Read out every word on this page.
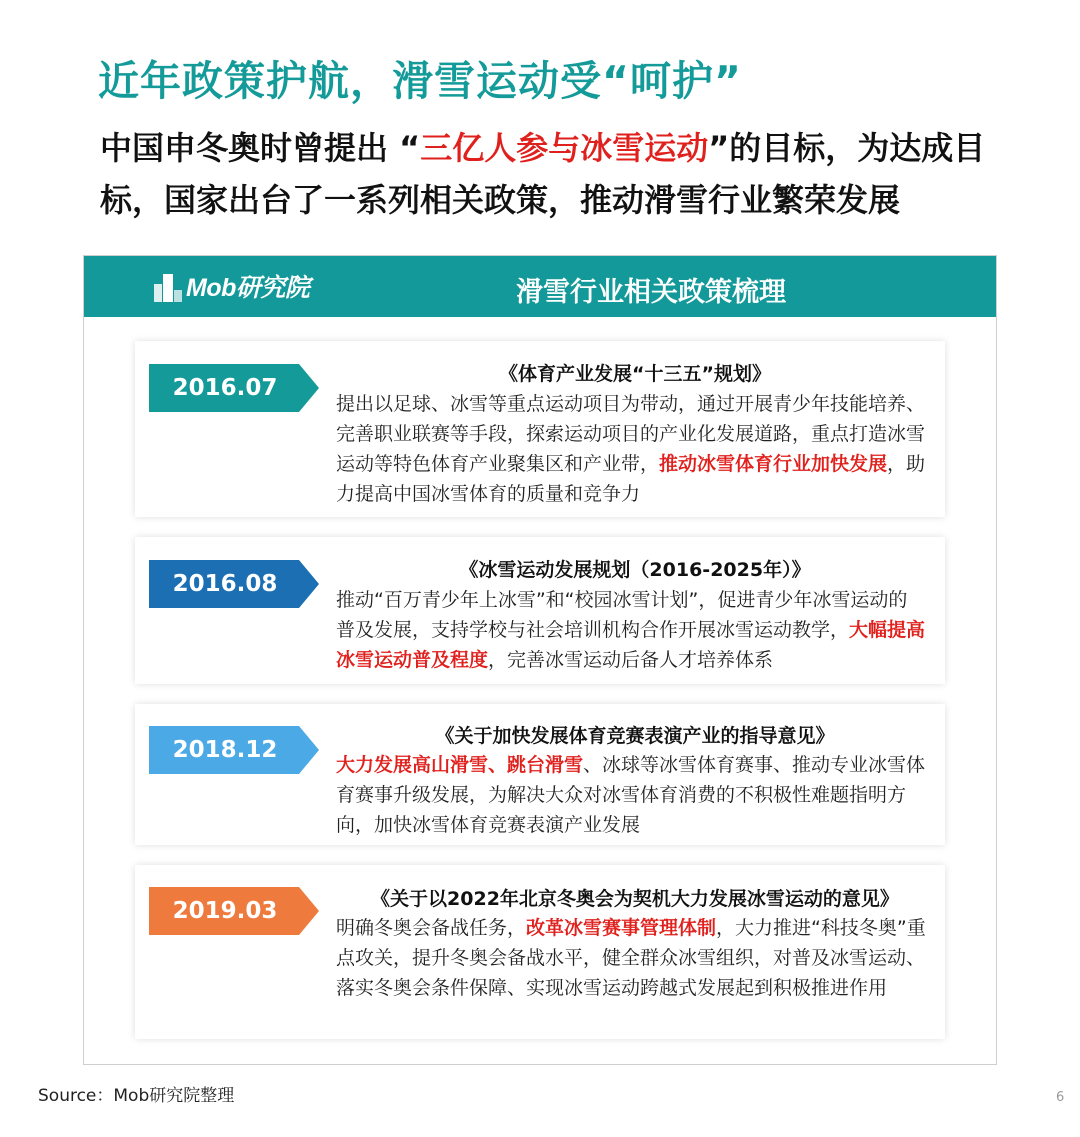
近年政策护航，滑雪运动受“呵护”
中国申冬奥时曾提出 “三亿人参与冰雪运动”的目标，为达成目标，国家出台了一系列相关政策，推动滑雪行业繁荣发展
Mob研究院	滑雪行业相关政策梳理
2016.07
《体育产业发展“十三五”规划》
提出以足球、冰雪等重点运动项目为带动，通过开展青少年技能培养、完善职业联赛等手段，探索运动项目的产业化发展道路，重点打造冰雪运动等特色体育产业聚集区和产业带，推动冰雪体育行业加快发展，助力提高中国冰雪体育的质量和竞争力
2016.08
《冰雪运动发展规划（2016-2025年）》
推动“百万青少年上冰雪”和“校园冰雪计划”，促进青少年冰雪运动的普及发展，支持学校与社会培训机构合作开展冰雪运动教学，大幅提高冰雪运动普及程度，完善冰雪运动后备人才培养体系
2018.12
《关于加快发展体育竞赛表演产业的指导意见》
大力发展高山滑雪、跳台滑雪、冰球等冰雪体育赛事、推动专业冰雪体育赛事升级发展，为解决大众对冰雪体育消费的不积极性难题指明方向，加快冰雪体育竞赛表演产业发展
2019.03	《关于以2022年北京冬奥会为契机大力发展冰雪运动的意见》
明确冬奥会备战任务，改革冰雪赛事管理体制，大力推进“科技冬奥”重点攻关，提升冬奥会备战水平，健全群众冰雪组织，对普及冰雪运动、落实冬奥会条件保障、实现冰雪运动跨越式发展起到积极推进作用
Source：Mob研究院整理	6
